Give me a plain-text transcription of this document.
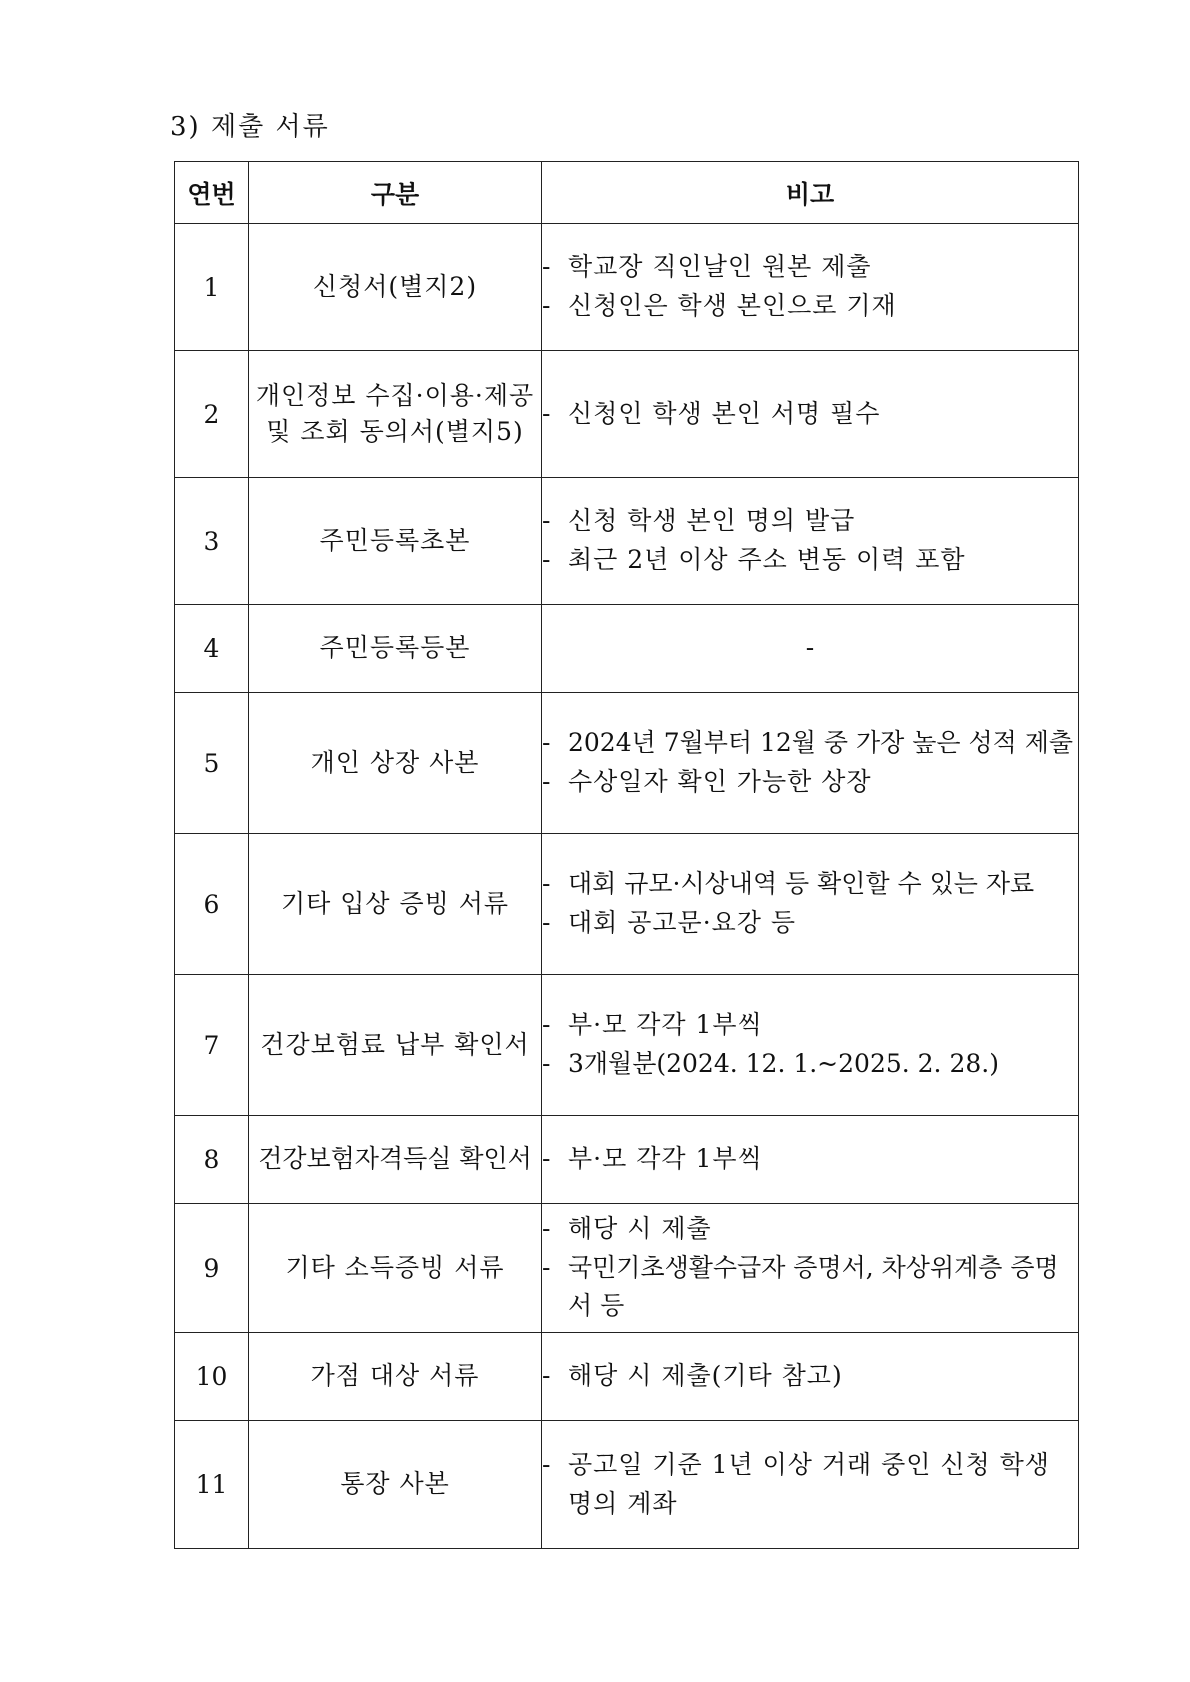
3) 제출 서류
연번	구분	비고
1	신청서(별지2)	- 학교장 직인날인 원본 제출
- 신청인은 학생 본인으로 기재

2	개인정보 수집·이용·제공
및 조회 동의서(별지5)	- 신청인 학생 본인 서명 필수

3	주민등록초본	- 신청 학생 본인 명의 발급
- 최근 2년 이상 주소 변동 이력 포함

4	주민등록등본	-
5	개인 상장 사본	- 2024년 7월부터 12월 중 가장 높은 성적 제출
- 수상일자 확인 가능한 상장

6	기타 입상 증빙 서류	- 대회 규모·시상내역 등 확인할 수 있는 자료
- 대회 공고문·요강 등

7	건강보험료 납부 확인서	- 부·모 각각 1부씩
- 3개월분(2024. 12. 1.~2025. 2. 28.)

8	건강보험자격득실 확인서	- 부·모 각각 1부씩

9	기타 소득증빙 서류	- 해당 시 제출
- 국민기초생활수급자 증명서, 차상위계층 증명서 등

10	가점 대상 서류	- 해당 시 제출(기타 참고)

11	통장 사본	- 공고일 기준 1년 이상 거래 중인 신청 학생 명의 계좌
